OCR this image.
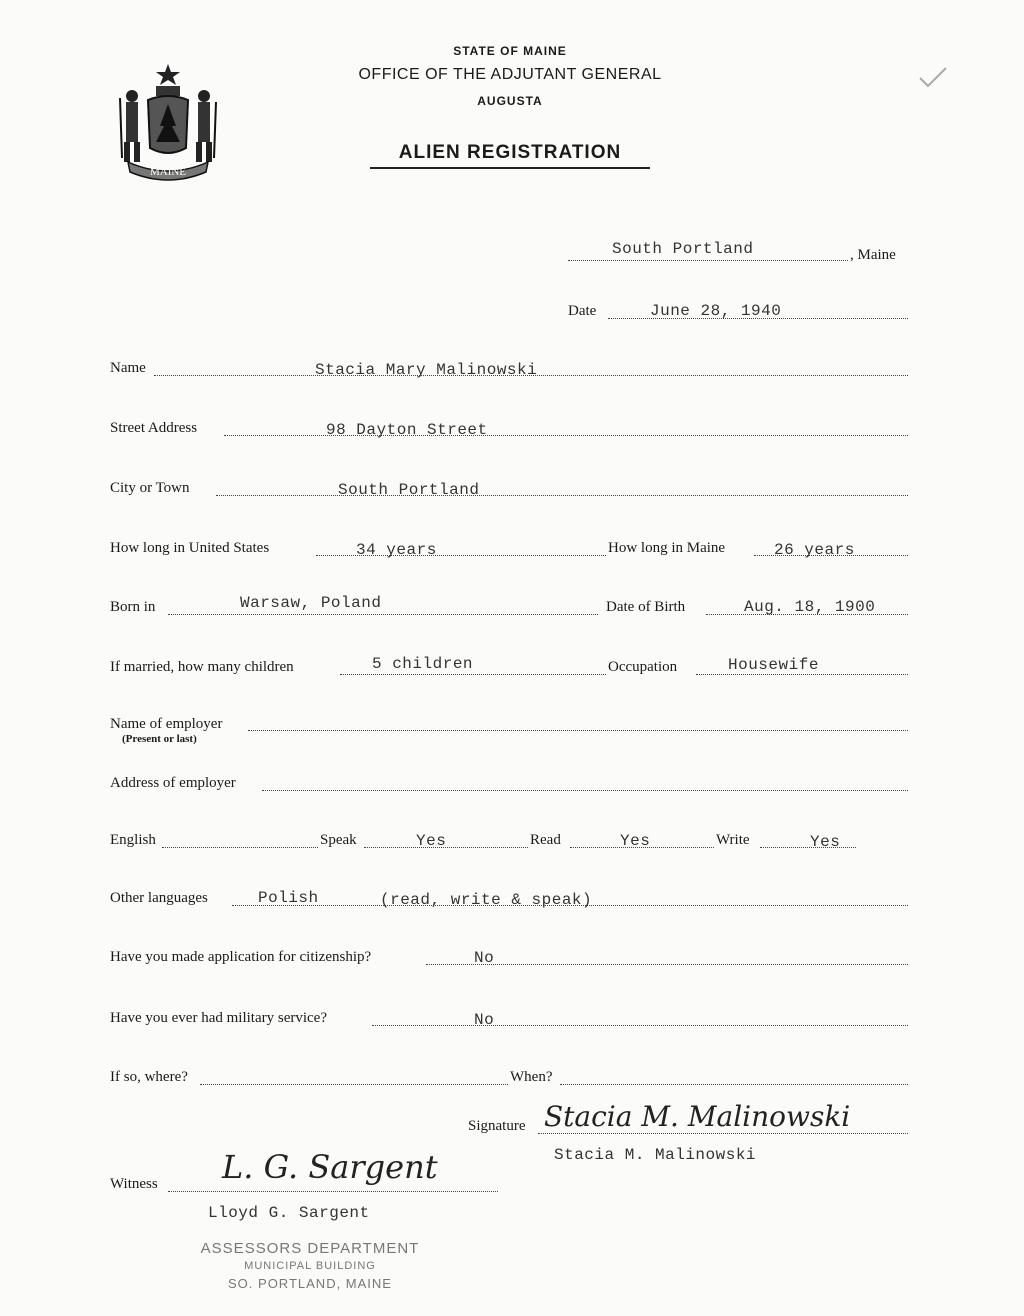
MAINE
STATE OF MAINE
OFFICE OF THE ADJUTANT GENERAL
AUGUSTA
ALIEN REGISTRATION
South Portland	, Maine
Date	June 28, 1940
Name	Stacia Mary Malinowski
Street Address	98 Dayton Street
City or Town	South Portland
How long in United States	34 years	How long in Maine	26 years
Born in	Warsaw, Poland	Date of Birth	Aug. 18, 1900
If married, how many children	5 children	Occupation	Housewife
Name of employer
(Present or last)
Address of employer
English	Speak	Yes	Read	Yes	Write	Yes
Other languages	Polish	(read, write & speak)
Have you made application for citizenship?	No
Have you ever had military service?	No
If so, where?	When?
Signature Stacia M. Malinowski
Stacia M. Malinowski
Witness L. G. Sargent
Lloyd G. Sargent
ASSESSORS DEPARTMENT
MUNICIPAL BUILDING
SO. PORTLAND, MAINE
